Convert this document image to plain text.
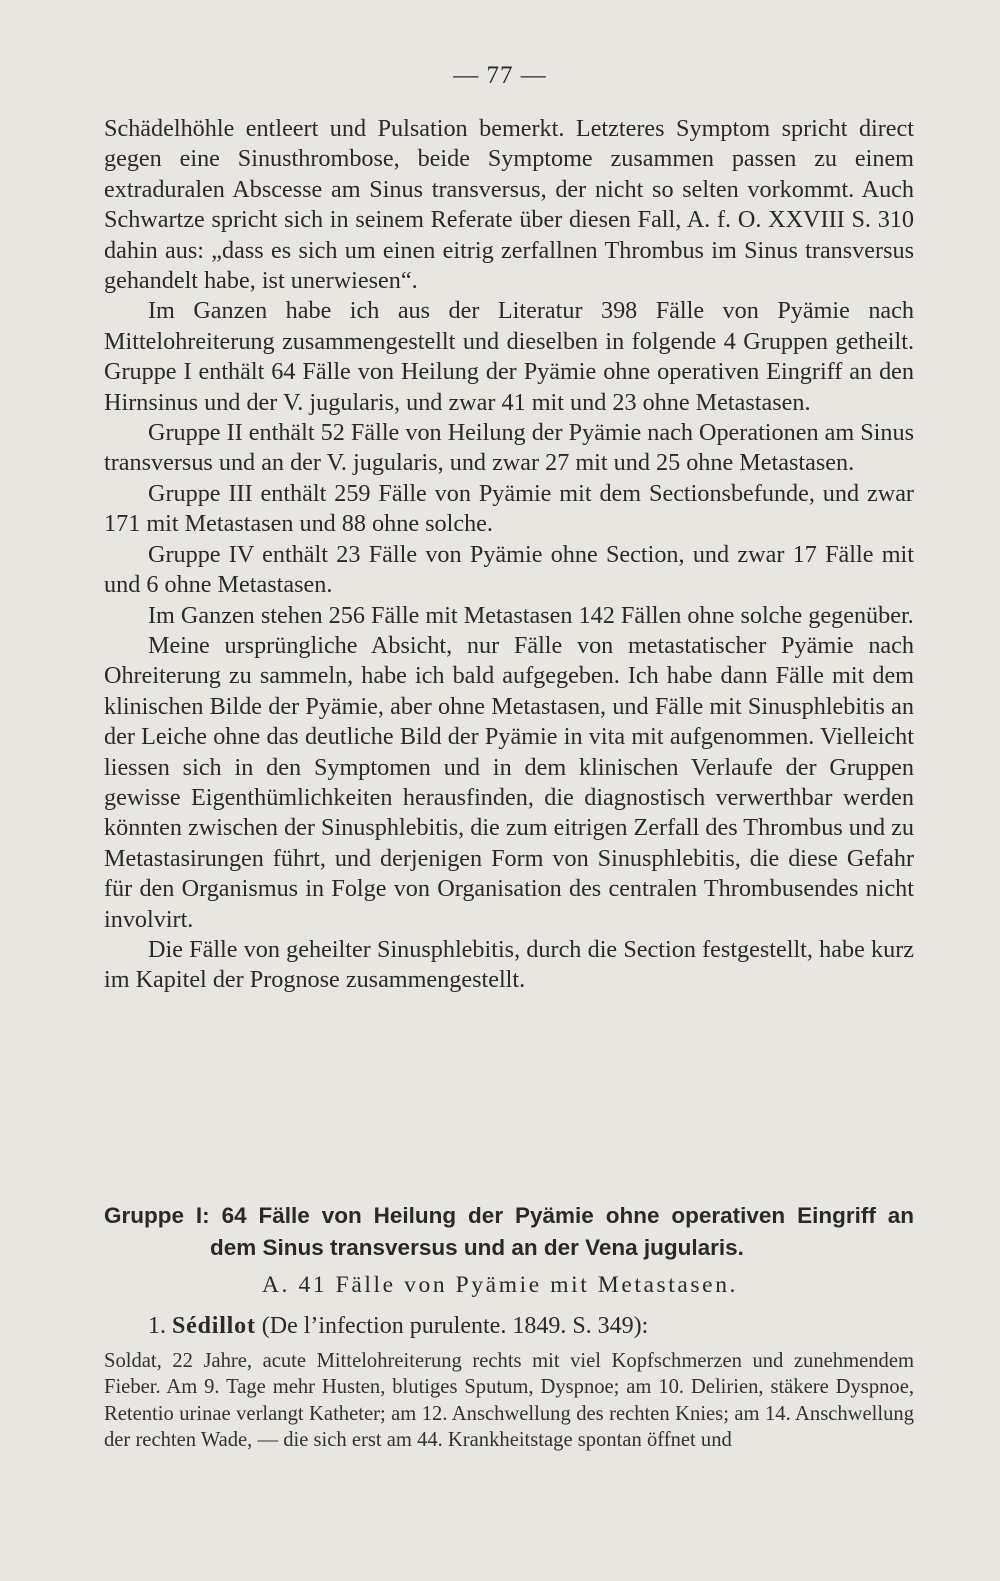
— 77 —

Schädelhöhle entleert und Pulsation bemerkt. Letzteres Symptom spricht direct gegen eine Sinusthrombose, beide Symptome zusammen passen zu einem extraduralen Abscesse am Sinus transversus, der nicht so selten vorkommt. Auch Schwartze spricht sich in seinem Referate über diesen Fall, A. f. O. XXVIII S. 310 dahin aus: „dass es sich um einen eitrig zerfallnen Thrombus im Sinus transversus gehandelt habe, ist unerwiesen“.

Im Ganzen habe ich aus der Literatur 398 Fälle von Pyämie nach Mittelohreiterung zusammengestellt und dieselben in folgende 4 Gruppen getheilt. Gruppe I enthält 64 Fälle von Heilung der Pyämie ohne operativen Eingriff an den Hirnsinus und der V. jugularis, und zwar 41 mit und 23 ohne Metastasen.

Gruppe II enthält 52 Fälle von Heilung der Pyämie nach Operationen am Sinus transversus und an der V. jugularis, und zwar 27 mit und 25 ohne Metastasen.

Gruppe III enthält 259 Fälle von Pyämie mit dem Sectionsbefunde, und zwar 171 mit Metastasen und 88 ohne solche.

Gruppe IV enthält 23 Fälle von Pyämie ohne Section, und zwar 17 Fälle mit und 6 ohne Metastasen.

Im Ganzen stehen 256 Fälle mit Metastasen 142 Fällen ohne solche gegenüber.

Meine ursprüngliche Absicht, nur Fälle von metastatischer Pyämie nach Ohreiterung zu sammeln, habe ich bald aufgegeben. Ich habe dann Fälle mit dem klinischen Bilde der Pyämie, aber ohne Metastasen, und Fälle mit Sinusphlebitis an der Leiche ohne das deutliche Bild der Pyämie in vita mit aufgenommen. Vielleicht liessen sich in den Symptomen und in dem klinischen Verlaufe der Gruppen gewisse Eigenthümlichkeiten herausfinden, die diagnostisch verwerthbar werden könnten zwischen der Sinusphlebitis, die zum eitrigen Zerfall des Thrombus und zu Metastasirungen führt, und derjenigen Form von Sinusphlebitis, die diese Gefahr für den Organismus in Folge von Organisation des centralen Thrombusendes nicht involvirt.

Die Fälle von geheilter Sinusphlebitis, durch die Section festgestellt, habe kurz im Kapitel der Prognose zusammengestellt.

Gruppe I: 64 Fälle von Heilung der Pyämie ohne operativen Eingriff an
dem Sinus transversus und an der Vena jugularis.
A. 41 Fälle von Pyämie mit Metastasen.
1. Sédillot (De l’infection purulente. 1849. S. 349):
Soldat, 22 Jahre, acute Mittelohreiterung rechts mit viel Kopfschmerzen und zunehmendem Fieber. Am 9. Tage mehr Husten, blutiges Sputum, Dyspnoe; am 10. Delirien, stäkere Dyspnoe, Retentio urinae verlangt Katheter; am 12. Anschwellung des rechten Knies; am 14. Anschwellung der rechten Wade, — die sich erst am 44. Krankheitstage spontan öffnet und
